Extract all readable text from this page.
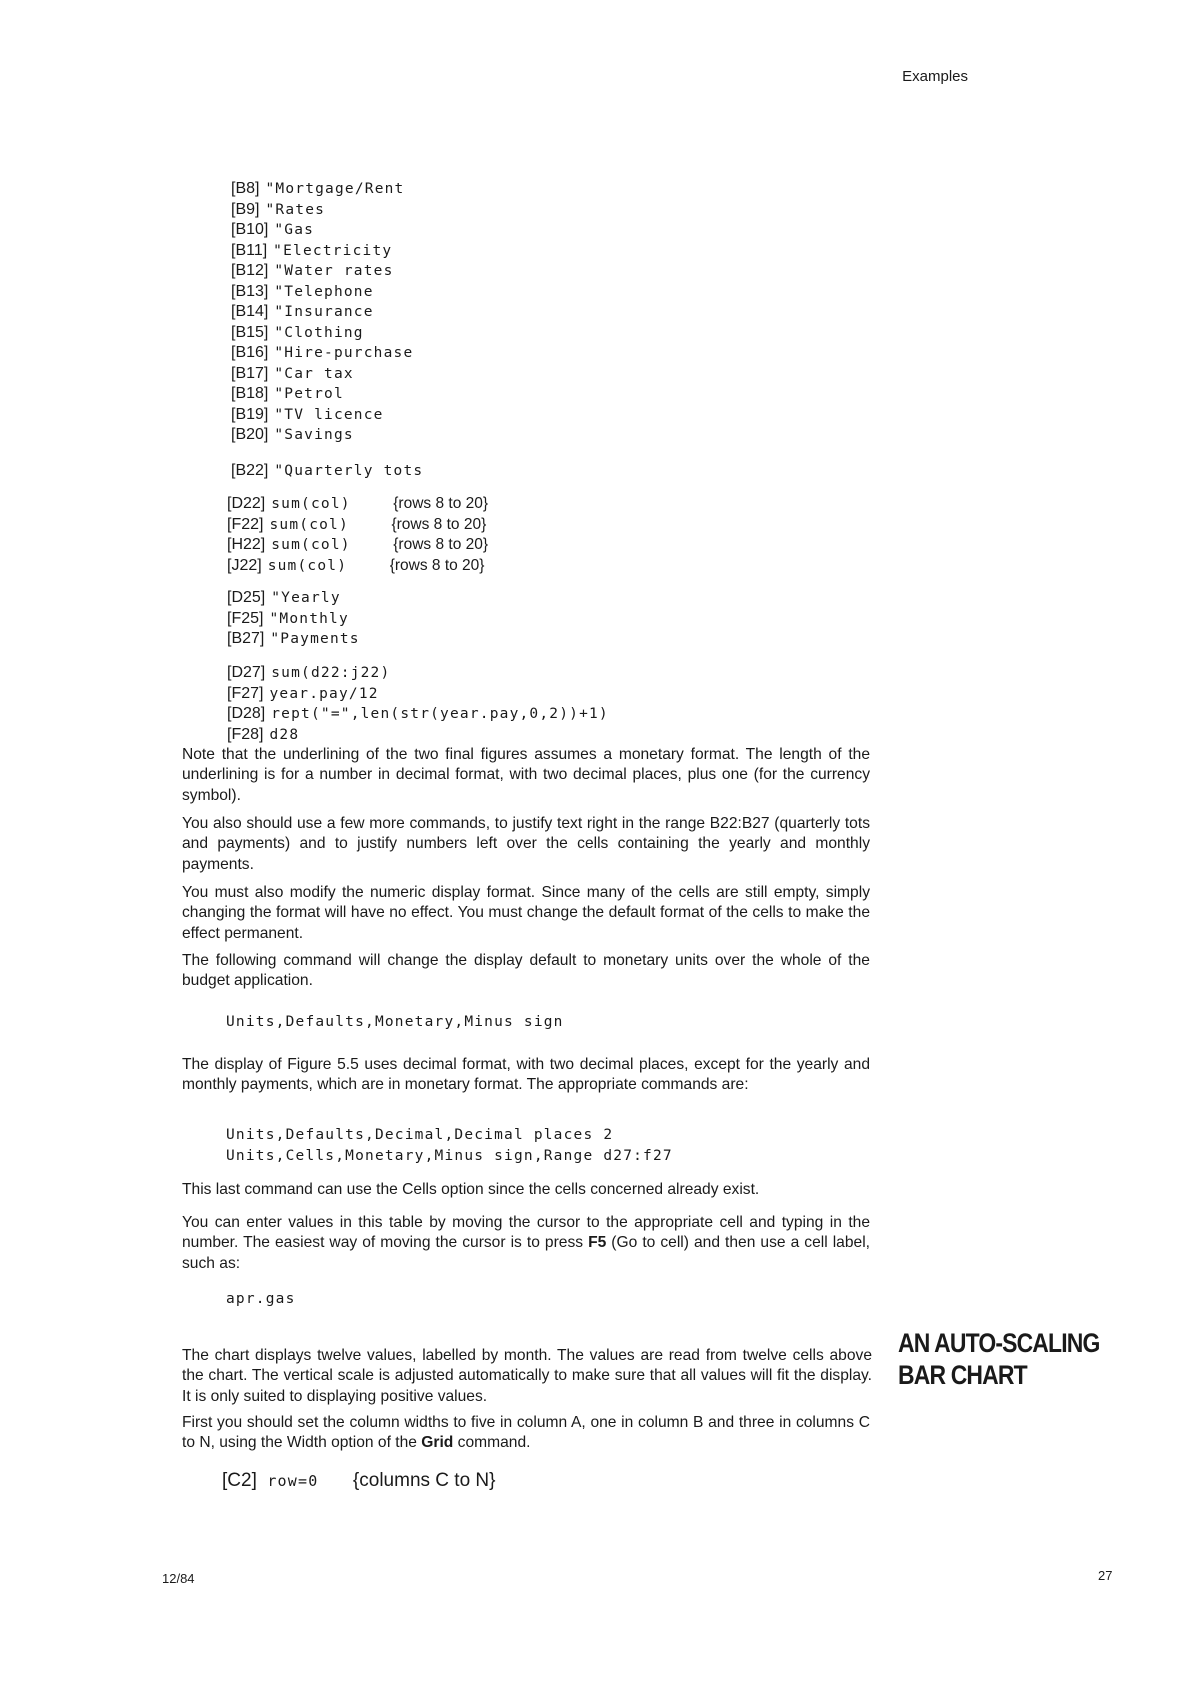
Examples
[B8] "Mortgage/Rent
[B9] "Rates
[B10] "Gas
[B11] "Electricity
[B12] "Water rates
[B13] "Telephone
[B14] "Insurance
[B15] "Clothing
[B16] "Hire-purchase
[B17] "Car tax
[B18] "Petrol
[B19] "TV licence
[B20] "Savings
[B22] "Quarterly tots
[D22] sum(col)	{rows 8 to 20}
[F22] sum(col)	{rows 8 to 20}
[H22] sum(col)	{rows 8 to 20}
[J22] sum(col)	{rows 8 to 20}
[D25] "Yearly
[F25] "Monthly
[B27] "Payments
[D27] sum(d22:j22)
[F27] year.pay/12
[D28] rept("=",len(str(year.pay,0,2))+1)
[F28] d28

Note that the underlining of the two final figures assumes a monetary format. The length of the underlining is for a number in decimal format, with two decimal places, plus one (for the currency symbol).

You also should use a few more commands, to justify text right in the range B22:B27 (quarterly tots and payments) and to justify numbers left over the cells containing the yearly and monthly payments.

You must also modify the numeric display format. Since many of the cells are still empty, simply changing the format will have no effect. You must change the default format of the cells to make the effect permanent.

The following command will change the display default to monetary units over the whole of the budget application.

Units,Defaults,Monetary,Minus sign

The display of Figure 5.5 uses decimal format, with two decimal places, except for the yearly and monthly payments, which are in monetary format. The appropriate commands are:

Units,Defaults,Decimal,Decimal places 2
Units,Cells,Monetary,Minus sign,Range d27:f27

This last command can use the Cells option since the cells concerned already exist.

You can enter values in this table by moving the cursor to the appropriate cell and typing in the number. The easiest way of moving the cursor is to press F5 (Go to cell) and then use a cell label, such as:

apr.gas

The chart displays twelve values, labelled by month. The values are read from twelve cells above the chart. The vertical scale is adjusted automatically to make sure that all values will fit the display. It is only suited to displaying positive values.

First you should set the column widths to five in column A, one in column B and three in columns C to N, using the Width option of the Grid command.

[C2] row=0 {columns C to N}
AN AUTO-SCALING
BAR CHART
12/84	27
